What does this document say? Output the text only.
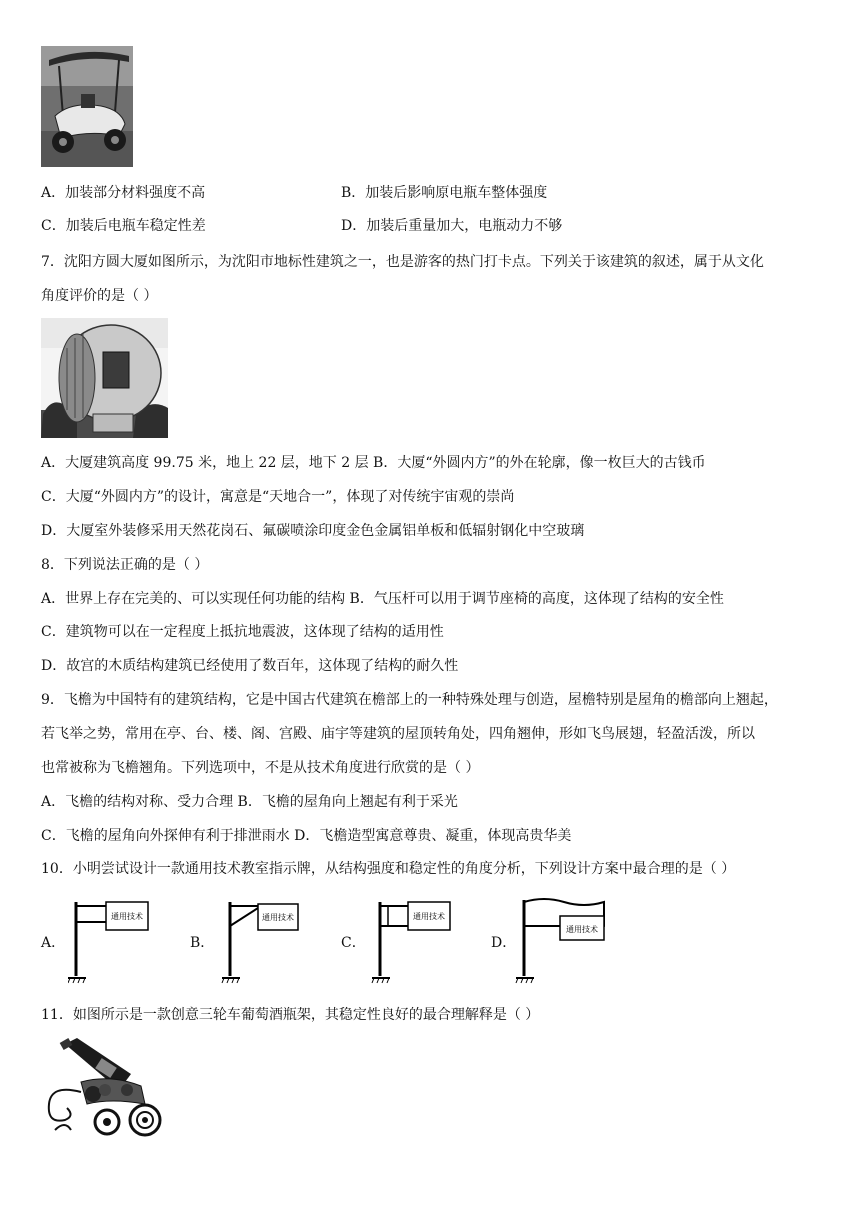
A．加装部分材料强度不高	B．加装后影响原电瓶车整体强度
C．加装后电瓶车稳定性差	D．加装后重量加大，电瓶动力不够
7．沈阳方圆大厦如图所示，为沈阳市地标性建筑之一，也是游客的热门打卡点。下列关于该建筑的叙述，属于从文化
角度评价的是（ ）
A．大厦建筑高度 99.75 米，地上 22 层，地下 2 层 B．大厦“外圆内方”的外在轮廓，像一枚巨大的古钱币
C．大厦“外圆内方”的设计，寓意是“天地合一”，体现了对传统宇宙观的崇尚
D．大厦室外装修采用天然花岗石、氟碳喷涂印度金色金属铝单板和低辐射钢化中空玻璃
8．下列说法正确的是（ ）
A．世界上存在完美的、可以实现任何功能的结构 B．气压杆可以用于调节座椅的高度，这体现了结构的安全性
C．建筑物可以在一定程度上抵抗地震波，这体现了结构的适用性
D．故宫的木质结构建筑已经使用了数百年，这体现了结构的耐久性
9．飞檐为中国特有的建筑结构，它是中国古代建筑在檐部上的一种特殊处理与创造，屋檐特别是屋角的檐部向上翘起，
若飞举之势，常用在亭、台、楼、阁、宫殿、庙宇等建筑的屋顶转角处，四角翘伸，形如飞鸟展翅，轻盈活泼，所以
也常被称为飞檐翘角。下列选项中，不是从技术角度进行欣赏的是（ ）
A．飞檐的结构对称、受力合理 B．飞檐的屋角向上翘起有利于采光
C．飞檐的屋角向外探伸有利于排泄雨水 D．飞檐造型寓意尊贵、凝重，体现高贵华美
10．小明尝试设计一款通用技术教室指示牌，从结构强度和稳定性的角度分析，下列设计方案中最合理的是（ ）
A．
通用技术
B．
通用技术
C．
通用技术
D．
通用技术
11．如图所示是一款创意三轮车葡萄酒瓶架，其稳定性良好的最合理解释是（ ）
